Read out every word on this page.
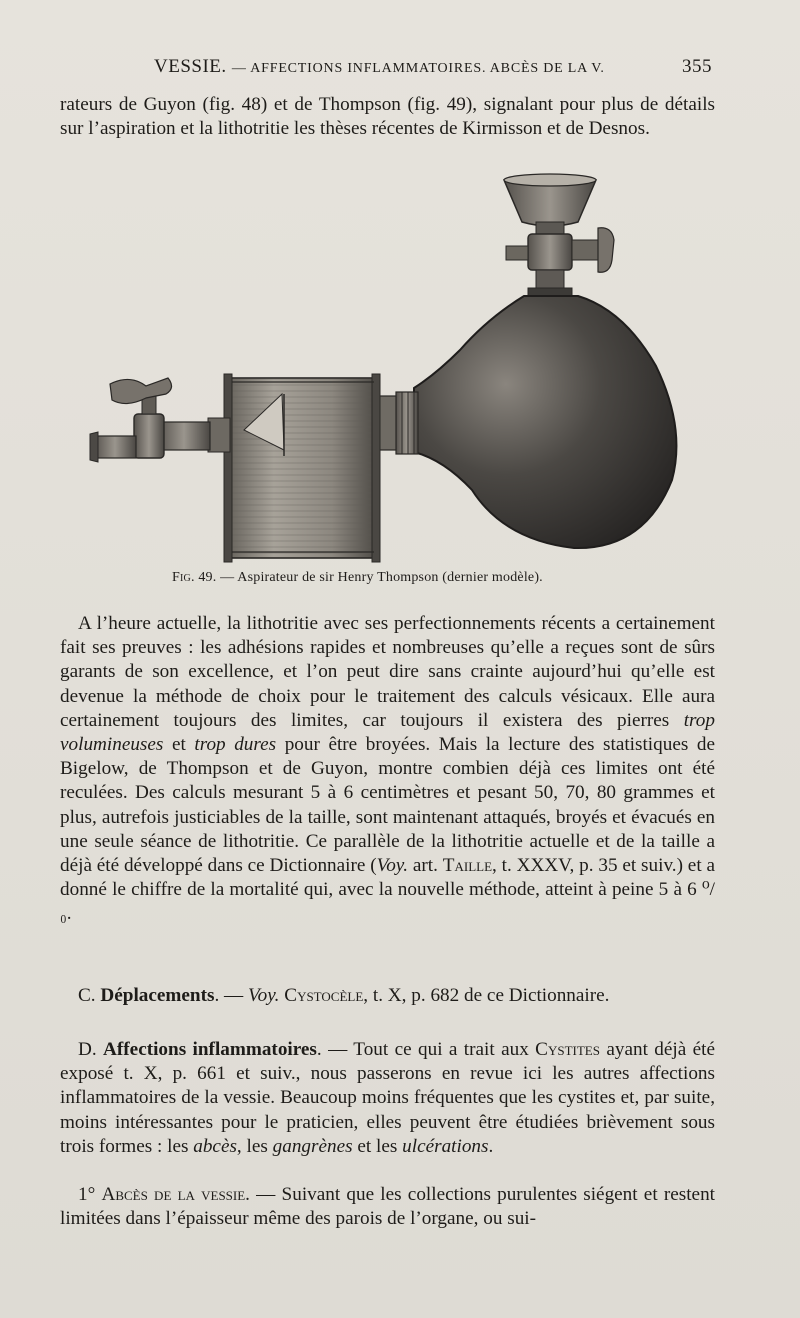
VESSIE. — AFFECTIONS INFLAMMATOIRES. ABCÈS DE LA V.	355

rateurs de Guyon (fig. 48) et de Thompson (fig. 49), signalant pour plus de détails sur l’aspiration et la lithotritie les thèses récentes de Kirmisson et de Desnos.

Fig. 49. — Aspirateur de sir Henry Thompson (dernier modèle).

A l’heure actuelle, la lithotritie avec ses perfectionnements récents a certainement fait ses preuves : les adhésions rapides et nombreuses qu’elle a reçues sont de sûrs garants de son excellence, et l’on peut dire sans crainte aujourd’hui qu’elle est devenue la méthode de choix pour le traitement des calculs vésicaux. Elle aura certainement toujours des limites, car toujours il existera des pierres trop volumineuses et trop dures pour être broyées. Mais la lecture des statistiques de Bigelow, de Thompson et de Guyon, montre combien déjà ces limites ont été reculées. Des calculs mesurant 5 à 6 centimètres et pesant 50, 70, 80 grammes et plus, autrefois justiciables de la taille, sont maintenant attaqués, broyés et évacués en une seule séance de lithotritie. Ce parallèle de la lithotritie actuelle et de la taille a déjà été développé dans ce Dictionnaire (Voy. art. Taille, t. XXXV, p. 35 et suiv.) et a donné le chiffre de la mortalité qui, avec la nouvelle méthode, atteint à peine 5 à 6 ⁰/₀.

C. Déplacements. — Voy. Cystocèle, t. X, p. 682 de ce Dictionnaire.

D. Affections inflammatoires. — Tout ce qui a trait aux Cystites ayant déjà été exposé t. X, p. 661 et suiv., nous passerons en revue ici les autres affections inflammatoires de la vessie. Beaucoup moins fréquentes que les cystites et, par suite, moins intéressantes pour le praticien, elles peuvent être étudiées brièvement sous trois formes : les abcès, les gangrènes et les ulcérations.

1° Abcès de la vessie. — Suivant que les collections purulentes siégent et restent limitées dans l’épaisseur même des parois de l’organe, ou sui-
